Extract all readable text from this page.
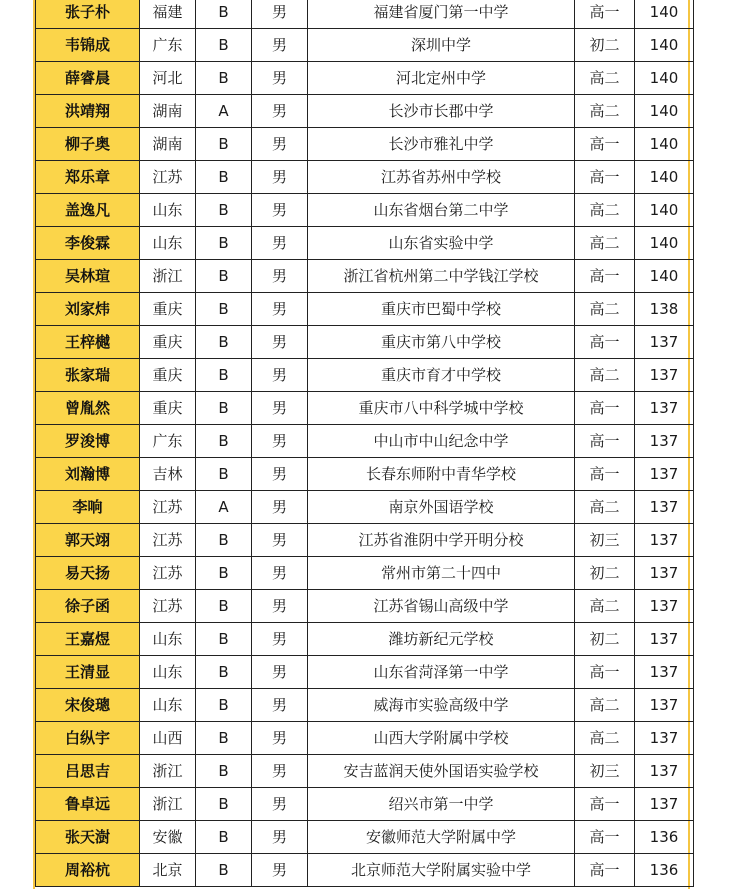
张子朴	福建	B	男	福建省厦门第一中学	高一	140
韦锦成	广东	B	男	深圳中学	初二	140
薛睿晨	河北	B	男	河北定州中学	高二	140
洪靖翔	湖南	A	男	长沙市长郡中学	高二	140
柳子奥	湖南	B	男	长沙市雅礼中学	高一	140
郑乐章	江苏	B	男	江苏省苏州中学校	高一	140
盖逸凡	山东	B	男	山东省烟台第二中学	高二	140
李俊霖	山东	B	男	山东省实验中学	高二	140
吴林瑄	浙江	B	男	浙江省杭州第二中学钱江学校	高一	140
刘家炜	重庆	B	男	重庆市巴蜀中学校	高二	138
王梓樾	重庆	B	男	重庆市第八中学校	高一	137
张家瑞	重庆	B	男	重庆市育才中学校	高二	137
曾胤然	重庆	B	男	重庆市八中科学城中学校	高一	137
罗浚博	广东	B	男	中山市中山纪念中学	高一	137
刘瀚博	吉林	B	男	长春东师附中青华学校	高一	137
李响	江苏	A	男	南京外国语学校	高二	137
郭天翊	江苏	B	男	江苏省淮阴中学开明分校	初三	137
易天扬	江苏	B	男	常州市第二十四中	初二	137
徐子函	江苏	B	男	江苏省锡山高级中学	高二	137
王嘉煜	山东	B	男	潍坊新纪元学校	初二	137
王清显	山东	B	男	山东省菏泽第一中学	高一	137
宋俊璁	山东	B	男	威海市实验高级中学	高二	137
白纵宇	山西	B	男	山西大学附属中学校	高二	137
吕思吉	浙江	B	男	安吉蓝润天使外国语实验学校	初三	137
鲁卓远	浙江	B	男	绍兴市第一中学	高一	137
张天澍	安徽	B	男	安徽师范大学附属中学	高一	136
周裕杭	北京	B	男	北京师范大学附属实验中学	高一	136
